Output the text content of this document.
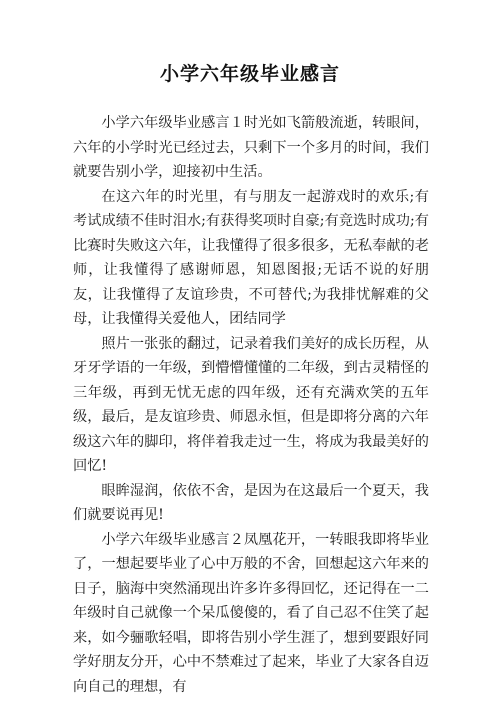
小学六年级毕业感言

小学六年级毕业感言１时光如飞箭般流逝，转眼间，六年的小学时光已经过去，只剩下一个多月的时间，我们就要告别小学，迎接初中生活。

在这六年的时光里，有与朋友一起游戏时的欢乐;有考试成绩不佳时泪水;有获得奖项时自豪;有竞选时成功;有比赛时失败这六年，让我懂得了很多很多，无私奉献的老师，让我懂得了感谢师恩，知恩图报;无话不说的好朋友，让我懂得了友谊珍贵，不可替代;为我排忧解难的父母，让我懂得关爱他人，团结同学

照片一张张的翻过，记录着我们美好的成长历程，从牙牙学语的一年级，到懵懵懂懂的二年级，到古灵精怪的三年级，再到无忧无虑的四年级，还有充满欢笑的五年级，最后，是友谊珍贵、师恩永恒，但是即将分离的六年级这六年的脚印，将伴着我走过一生，将成为我最美好的回忆!

眼眸湿润，依依不舍，是因为在这最后一个夏天，我们就要说再见!

小学六年级毕业感言２凤凰花开，一转眼我即将毕业了，一想起要毕业了心中万般的不舍，回想起这六年来的日子，脑海中突然涌现出许多许多得回忆，还记得在一二年级时自己就像一个呆瓜傻傻的，看了自己忍不住笑了起来，如今骊歌轻唱，即将告别小学生涯了，想到要跟好同学好朋友分开，心中不禁难过了起来，毕业了大家各自迈向自己的理想，有
